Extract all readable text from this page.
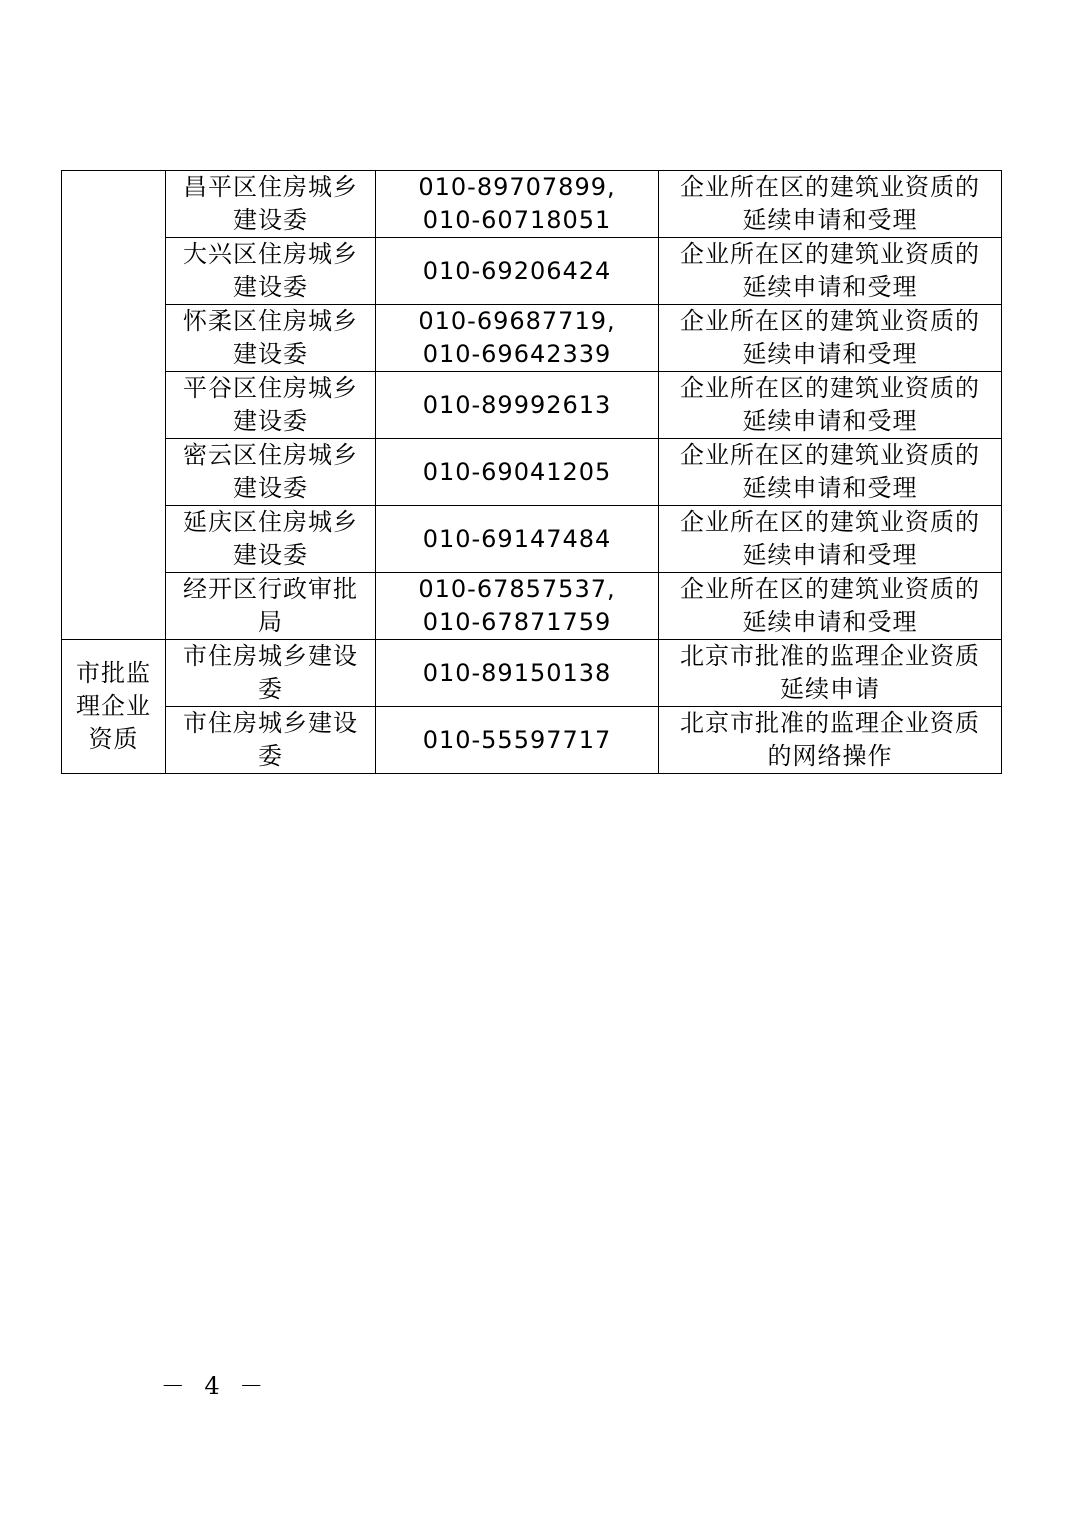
	昌平区住房城乡
建设委	010-89707899,
010-60718051	企业所在区的建筑业资质的
延续申请和受理

	大兴区住房城乡
建设委	010-69206424	企业所在区的建筑业资质的
延续申请和受理

	怀柔区住房城乡
建设委	010-69687719,
010-69642339	企业所在区的建筑业资质的
延续申请和受理

	平谷区住房城乡
建设委	010-89992613	企业所在区的建筑业资质的
延续申请和受理

	密云区住房城乡
建设委	010-69041205	企业所在区的建筑业资质的
延续申请和受理

	延庆区住房城乡
建设委	010-69147484	企业所在区的建筑业资质的
延续申请和受理

	经开区行政审批
局	010-67857537,
010-67871759	企业所在区的建筑业资质的
延续申请和受理

市批监
理企业
资质	市住房城乡建设
委	010-89150138	北京市批准的监理企业资质
延续申请

	市住房城乡建设
委	010-55597717	北京市批准的监理企业资质
的网络操作
－ 4 －
